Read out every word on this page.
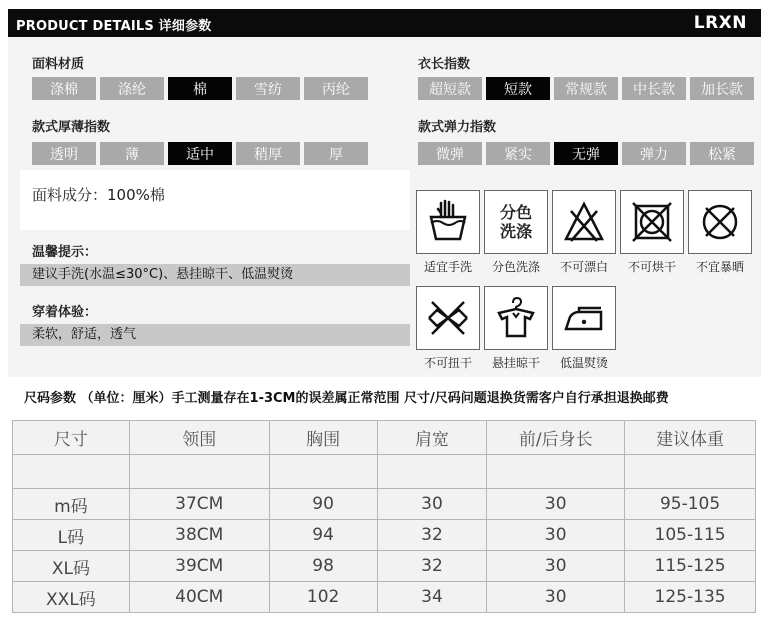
PRODUCT DETAILS 详细参数	LRXN
面料材质
涤棉	涤纶	棉	雪纺	丙纶
衣长指数
超短款	短款	常规款	中长款	加长款
款式厚薄指数
透明	薄	适中	稍厚	厚
款式弹力指数
微弹	紧实	无弹	弹力	松紧
面料成分：100%棉
温馨提示：
建议手洗(水温≤30°C)、悬挂晾干、低温熨烫
穿着体验：
柔软，舒适，透气
适宜手洗
分色
洗涤
分色洗涤	不可漂白	不可烘干	不宜暴晒
不可扭干	悬挂晾干	低温熨烫
尺码参数 （单位：厘米）手工测量存在1-3CM的误差属正常范围 尺寸/尺码问题退换货需客户自行承担退换邮费
尺寸	领围	胸围	肩宽	前/后身长	建议体重

m码	37CM	90	30	30	95-105
L码	38CM	94	32	30	105-115
XL码	39CM	98	32	30	115-125
XXL码	40CM	102	34	30	125-135
